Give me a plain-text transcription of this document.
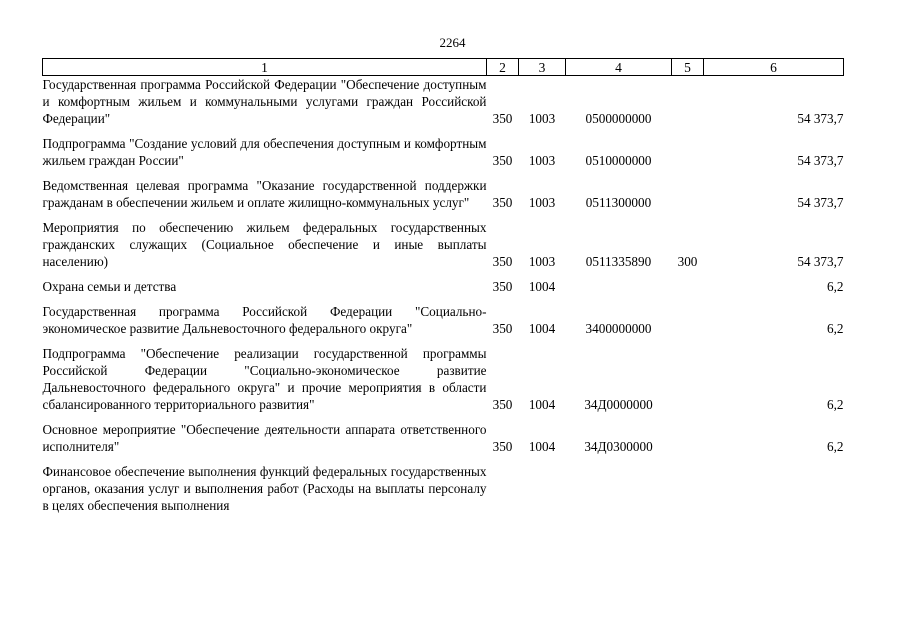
2264
1	2	3	4	5	6
Государственная программа Российской Федерации "Обеспечение доступным и комфортным жильем и коммунальными услугами граждан Российской Федерации"	350	1003	0500000000		54 373,7
Подпрограмма "Создание условий для обеспечения доступным и комфортным жильем граждан России"	350	1003	0510000000		54 373,7
Ведомственная целевая программа "Оказание государственной поддержки гражданам в обеспечении жильем и оплате жилищно-коммунальных услуг"	350	1003	0511300000		54 373,7
Мероприятия по обеспечению жильем федеральных государственных гражданских служащих (Социальное обеспечение и иные выплаты населению)	350	1003	0511335890	300	54 373,7
Охрана семьи и детства	350	1004			6,2
Государственная программа Российской Федерации "Социально-экономическое развитие Дальневосточного федерального округа"	350	1004	3400000000		6,2
Подпрограмма "Обеспечение реализации государственной программы Российской Федерации "Социально-экономическое развитие Дальневосточного федерального округа" и прочие мероприятия в области сбалансированного территориального развития"	350	1004	34Д0000000		6,2
Основное мероприятие "Обеспечение деятельности аппарата ответственного исполнителя"	350	1004	34Д0300000		6,2
Финансовое обеспечение выполнения функций федеральных государственных органов, оказания услуг и выполнения работ (Расходы на выплаты персоналу в целях обеспечения выполнения					
